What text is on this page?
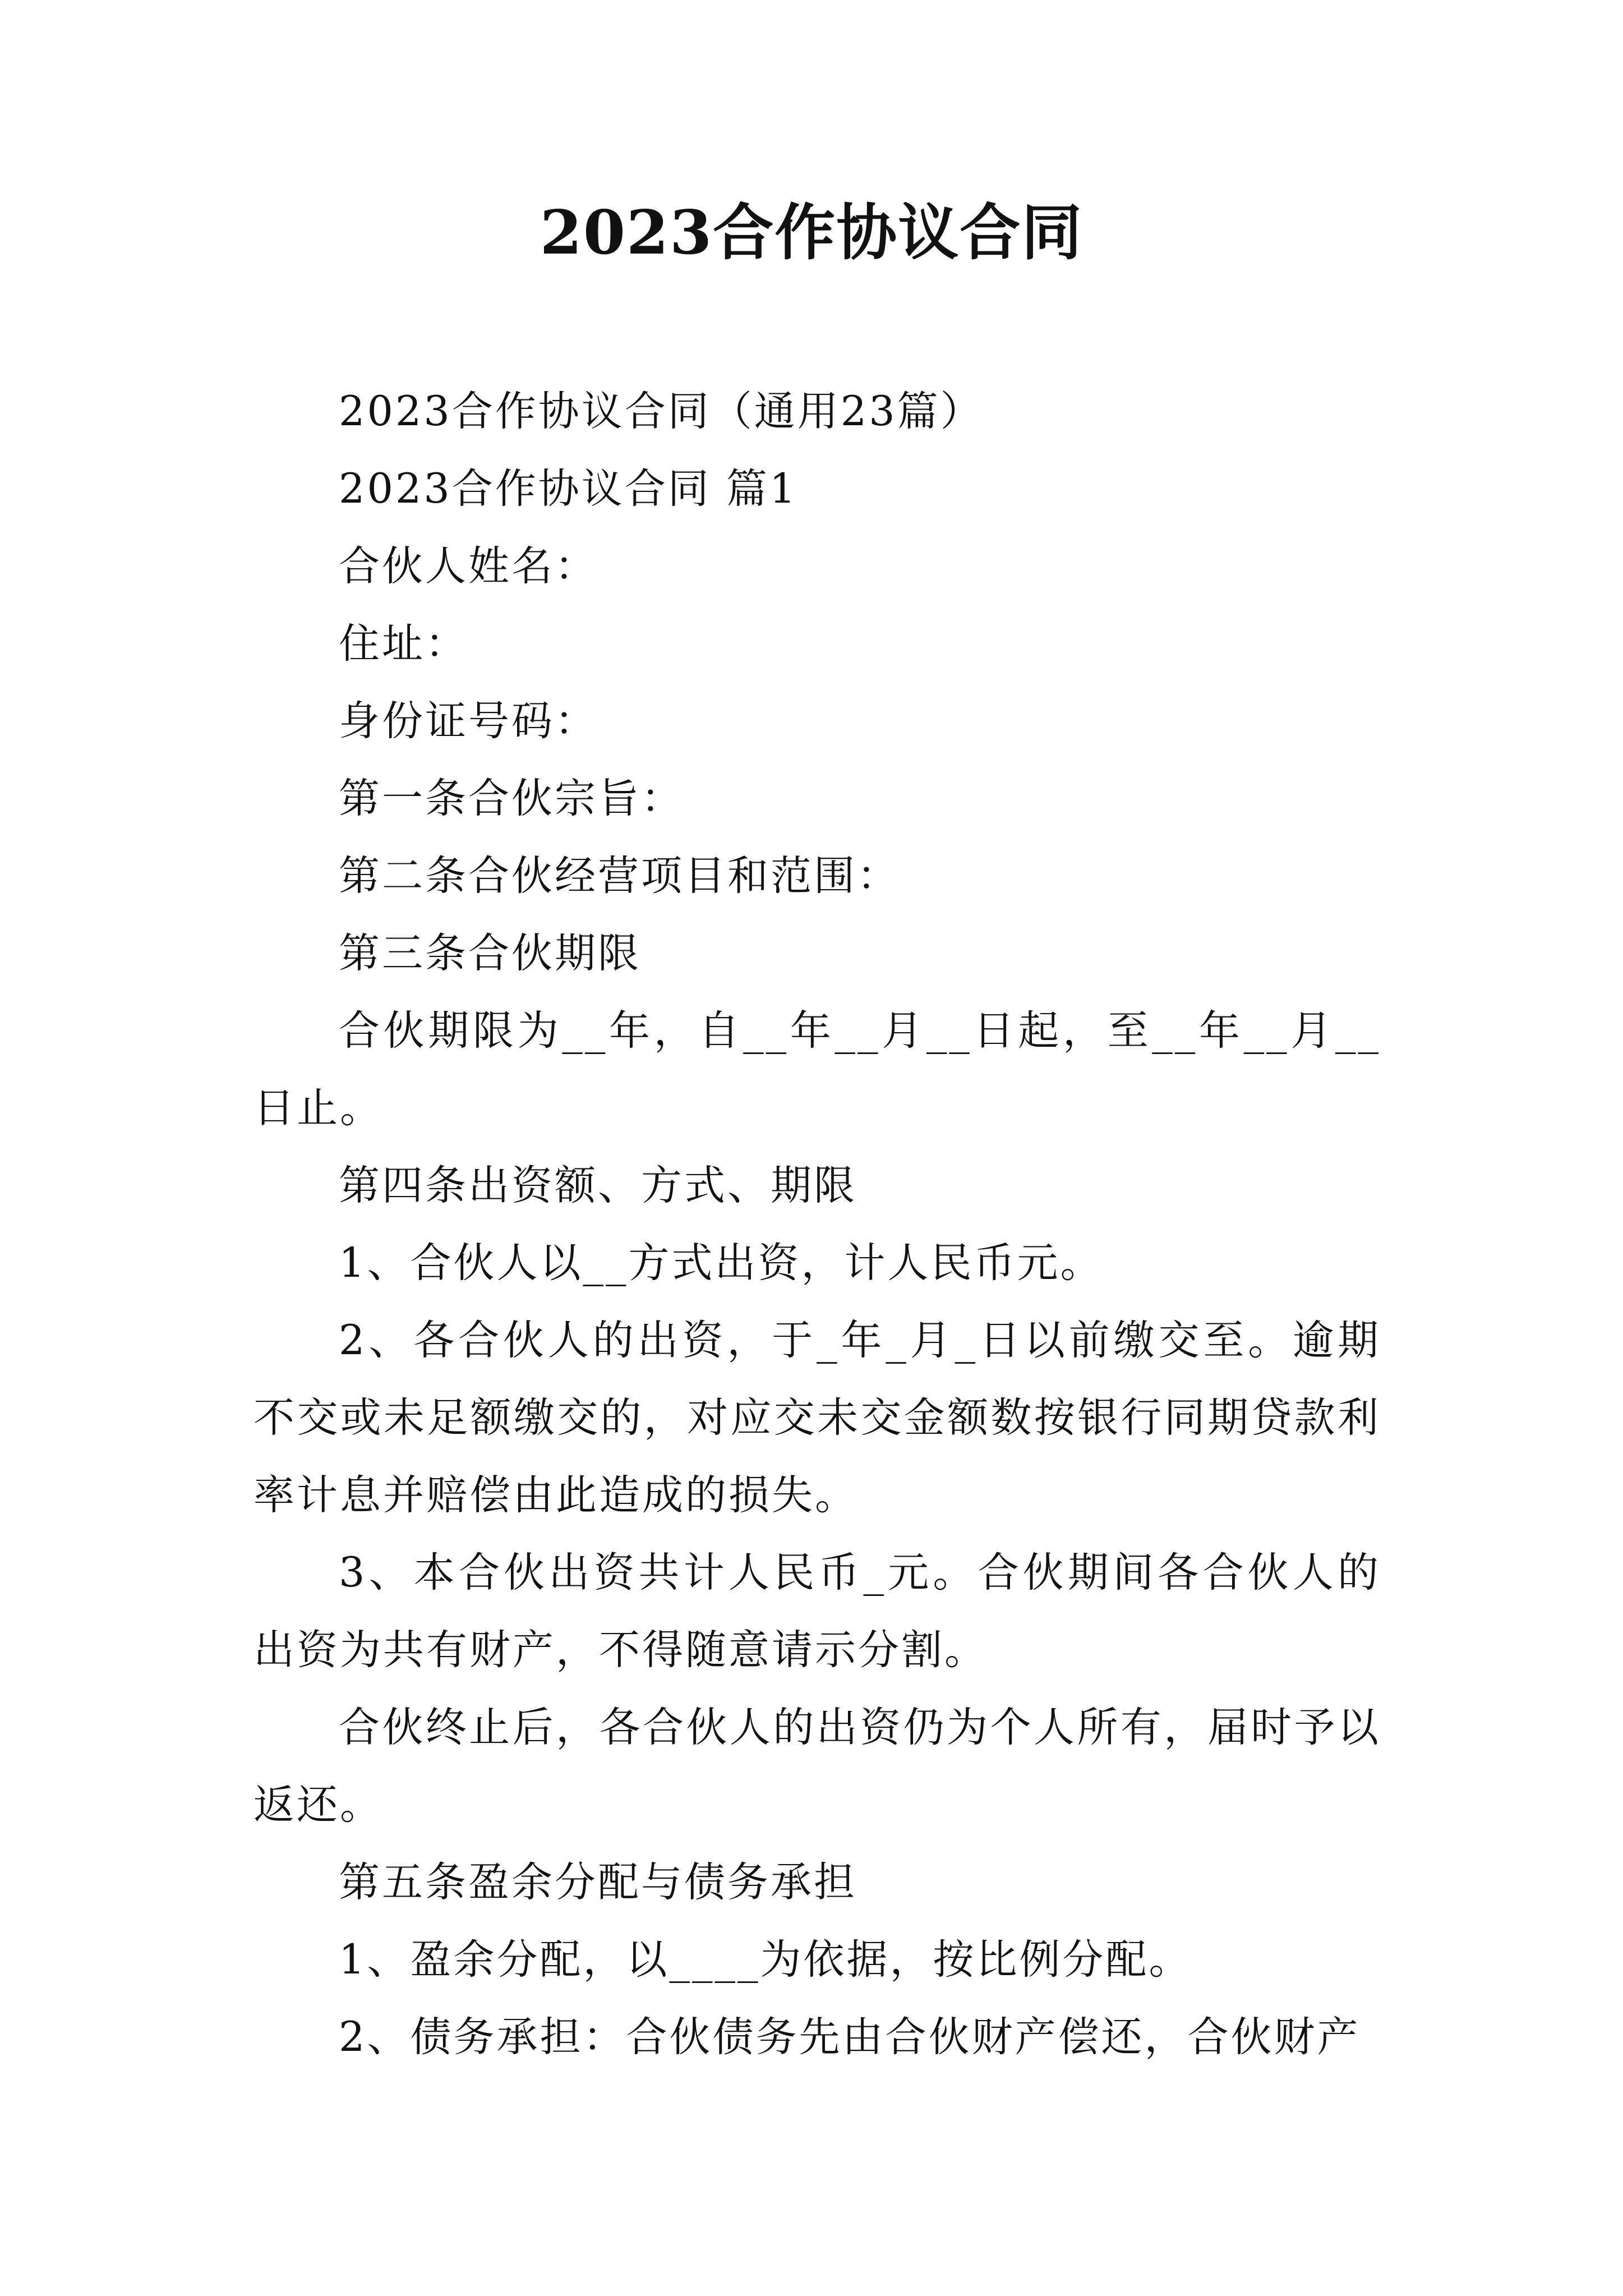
2023合作协议合同

2023合作协议合同（通用23篇）

2023合作协议合同 篇1

合伙人姓名：

住址：

身份证号码：

第一条合伙宗旨：

第二条合伙经营项目和范围：

第三条合伙期限

合伙期限为__年，自__年__月__日起，至__年__月__日止。

第四条出资额、方式、期限

1、合伙人以__方式出资，计人民币元。

2、各合伙人的出资，于_年_月_日以前缴交至。逾期不交或未足额缴交的，对应交未交金额数按银行同期贷款利率计息并赔偿由此造成的损失。

3、本合伙出资共计人民币_元。合伙期间各合伙人的出资为共有财产，不得随意请示分割。

合伙终止后，各合伙人的出资仍为个人所有，届时予以返还。

第五条盈余分配与债务承担

1、盈余分配，以____为依据，按比例分配。

2、债务承担：合伙债务先由合伙财产偿还，合伙财产
